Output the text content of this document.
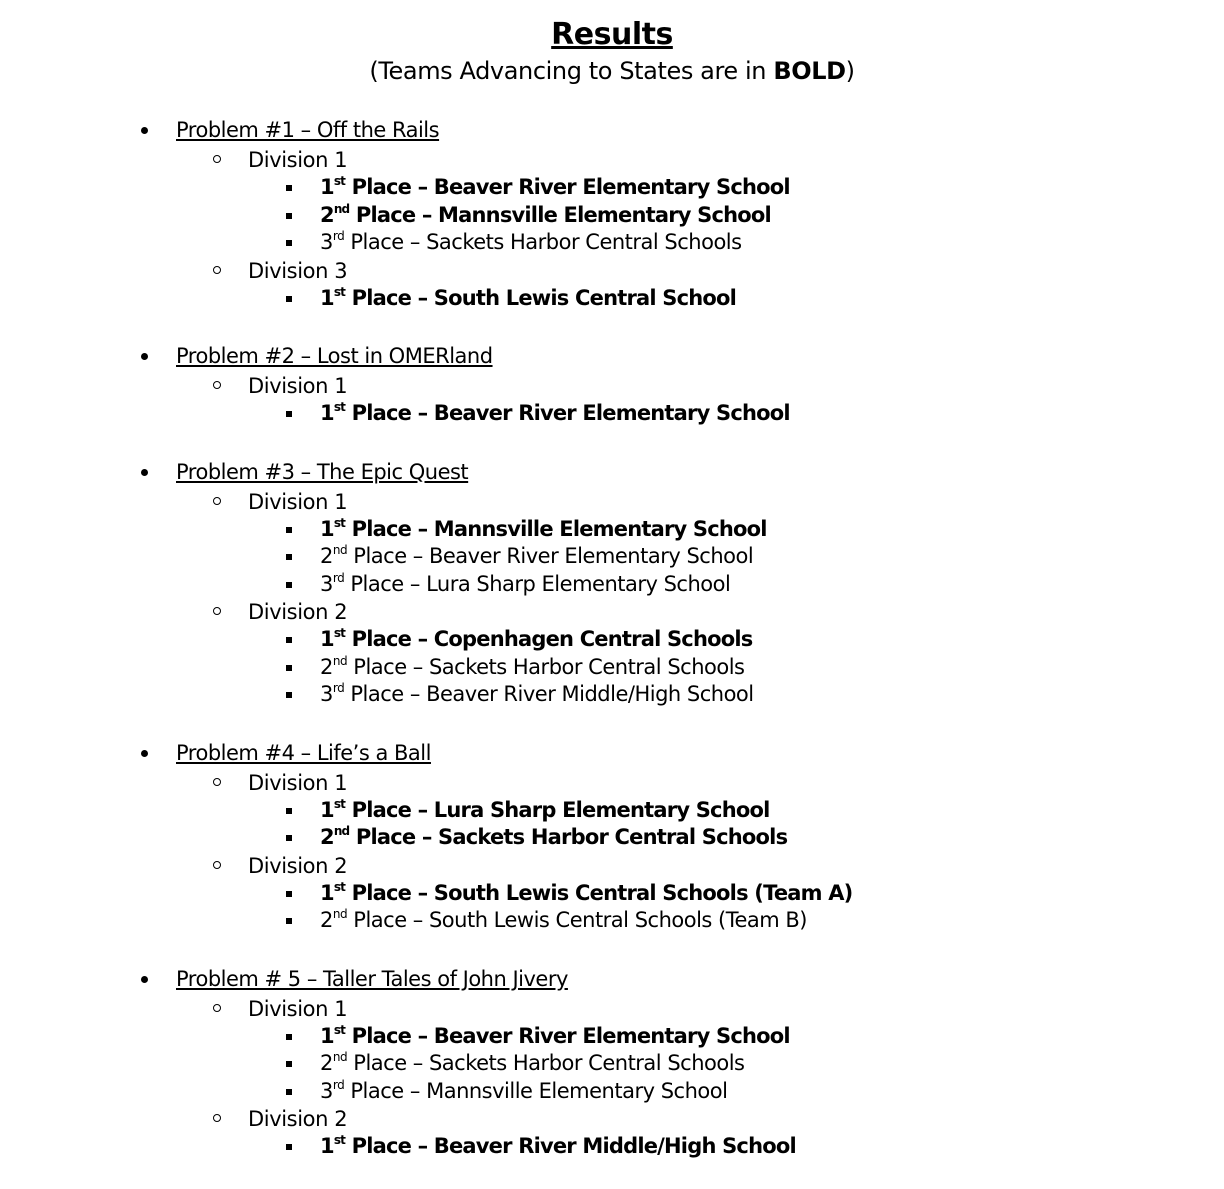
Results
(Teams Advancing to States are in BOLD)
Problem #1 – Off the Rails
Division 1
1st Place – Beaver River Elementary School
2nd Place – Mannsville Elementary School
3rd Place – Sackets Harbor Central Schools
Division 3
1st Place – South Lewis Central School
Problem #2 – Lost in OMERland
Division 1
1st Place – Beaver River Elementary School
Problem #3 – The Epic Quest
Division 1
1st Place – Mannsville Elementary School
2nd Place – Beaver River Elementary School
3rd Place – Lura Sharp Elementary School
Division 2
1st Place – Copenhagen Central Schools
2nd Place – Sackets Harbor Central Schools
3rd Place – Beaver River Middle/High School
Problem #4 – Life’s a Ball
Division 1
1st Place – Lura Sharp Elementary School
2nd Place – Sackets Harbor Central Schools
Division 2
1st Place – South Lewis Central Schools (Team A)
2nd Place – South Lewis Central Schools (Team B)
Problem # 5 – Taller Tales of John Jivery
Division 1
1st Place – Beaver River Elementary School
2nd Place – Sackets Harbor Central Schools
3rd Place – Mannsville Elementary School
Division 2
1st Place – Beaver River Middle/High School
